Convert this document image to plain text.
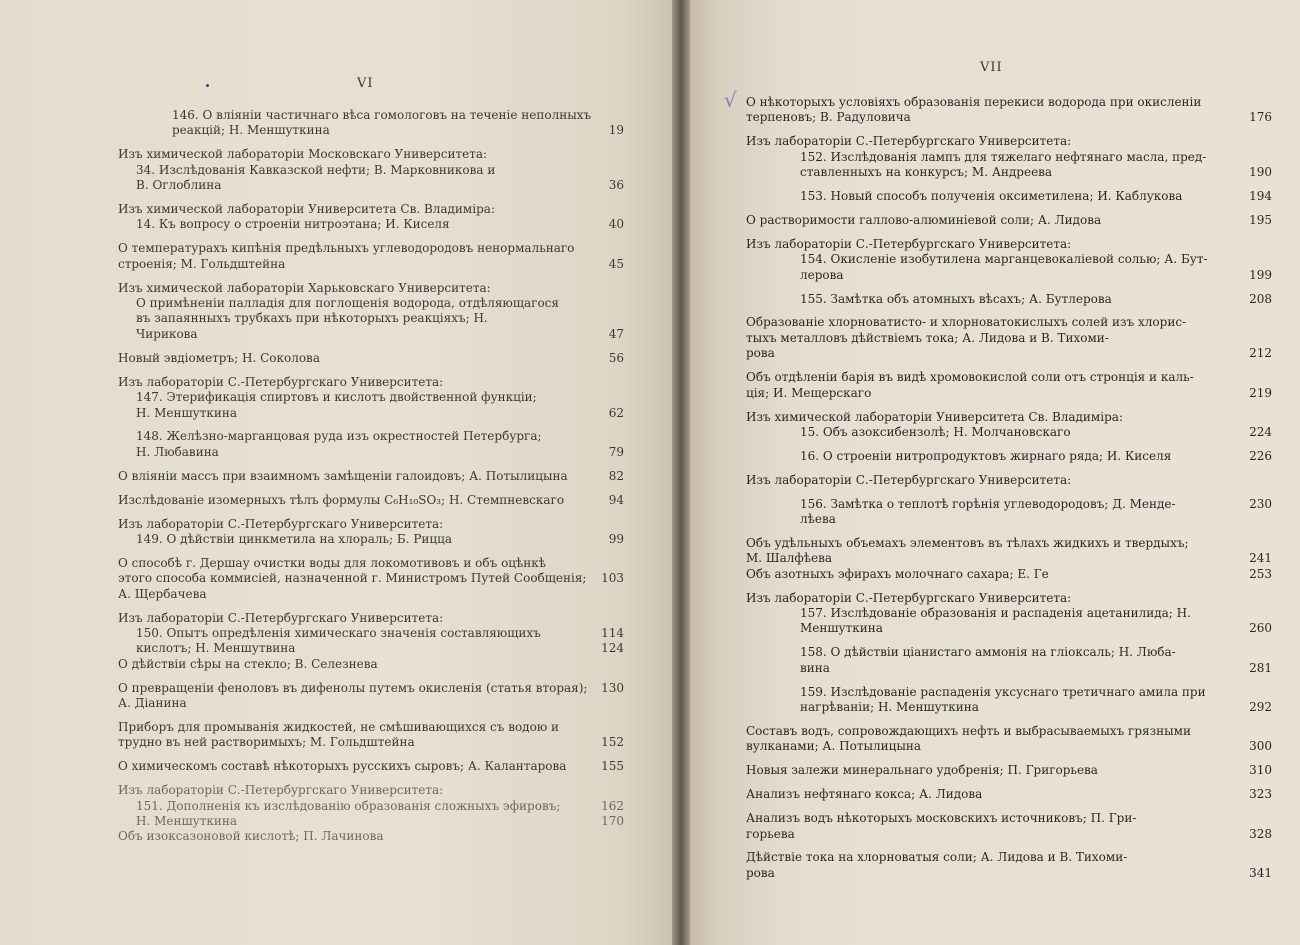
VI
146. О вліяніи частичнаго вѣса гомологовъ на теченіе неполныхъ
реакцій; Н. Меншуткина	19
Изъ химической лабораторіи Московскаго Университета:
34. Изслѣдованія Кавказской нефти; В. Марковникова и
В. Оглоблина	36
Изъ химической лабораторіи Университета Св. Владиміра:
14. Къ вопросу о строеніи нитроэтана; И. Киселя	40
О температурахъ кипѣнія предѣльныхъ углеводородовъ ненормальнаго
строенія; М. Гольдштейна	45
Изъ химической лабораторіи Харьковскаго Университета:
О примѣненіи палладія для поглощенія водорода, отдѣляющагося
въ запаянныхъ трубкахъ при нѣкоторыхъ реакціяхъ; Н.
Чирикова	47
Новый эвдіометръ; Н. Соколова	56
Изъ лабораторіи С.-Петербургскаго Университета:
147. Этерификація спиртовъ и кислотъ двойственной функціи;
Н. Меншуткина	62
148. Желѣзно-марганцовая руда изъ окрестностей Петербурга;
Н. Любавина	79
О вліяніи массъ при взаимномъ замѣщеніи галоидовъ; А. Потылицына	82
Изслѣдованіе изомерныхъ тѣлъ формулы C₆H₁₀SO₃; Н. Стемпневскаго	94
Изъ лабораторіи С.-Петербургскаго Университета:
149. О дѣйствіи цинкметила на хлораль; Б. Рицца	99
О способѣ г. Дершау очистки воды для локомотивовъ и объ оцѣнкѣ
этого способа коммисіей, назначенной г. Министромъ Путей Сообщенія;	103
А. Щербачева
Изъ лабораторіи С.-Петербургскаго Университета:
150. Опытъ опредѣленія химическаго значенія составляющихъ	114
кислотъ; Н. Меншутвина	124
О дѣйствіи сѣры на стекло; В. Селезнева
О превращеніи феноловъ въ дифенолы путемъ окисленія (статья вторая);	130
А. Діанина
Приборъ для промыванія жидкостей, не смѣшивающихся съ водою и
трудно въ ней растворимыхъ; М. Гольдштейна	152
О химическомъ составѣ нѣкоторыхъ русскихъ сыровъ; А. Калантарова	155
Изъ лабораторіи С.-Петербургскаго Университета:
151. Дополненія къ изслѣдованію образованія сложныхъ эфировъ;	162
Н. Меншуткина	170
Объ изоксазоновой кислотѣ; П. Лачинова
√
VII
О нѣкоторыхъ условіяхъ образованія перекиси водорода при окисленіи
терпеновъ; В. Радуловича	176
Изъ лабораторіи С.-Петербургскаго Университета:
152. Изслѣдованія лампъ для тяжелаго нефтянаго масла, пред-
ставленныхъ на конкурсъ; М. Андреева	190
153. Новый способъ полученія оксиметилена; И. Каблукова	194
О растворимости галлово-алюминіевой соли; А. Лидова	195
Изъ лабораторіи С.-Петербургскаго Университета:
154. Окисленіе изобутилена марганцевокаліевой солью; А. Бут-
лерова	199
155. Замѣтка объ атомныхъ вѣсахъ; А. Бутлерова	208
Образованіе хлорноватисто- и хлорноватокислыхъ солей изъ хлорис-
тыхъ металловъ дѣйствіемъ тока; А. Лидова и В. Тихоми-
рова	212
Объ отдѣленіи барія въ видѣ хромовокислой соли отъ стронція и каль-
ція; И. Мещерскаго	219
Изъ химической лабораторіи Университета Св. Владиміра:
15. Объ азоксибензолѣ; Н. Молчановскаго	224
16. О строеніи нитропродуктовъ жирнаго ряда; И. Киселя	226
Изъ лабораторіи С.-Петербургскаго Университета:
156. Замѣтка о теплотѣ горѣнія углеводородовъ; Д. Менде-	230
лѣева
Объ удѣльныхъ объемахъ элементовъ въ тѣлахъ жидкихъ и твердыхъ;
М. Шалфѣева	241
Объ азотныхъ эфирахъ молочнаго сахара; Е. Ге	253
Изъ лабораторіи С.-Петербургскаго Университета:
157. Изслѣдованіе образованія и распаденія ацетанилида; Н.
Меншуткина	260
158. О дѣйствіи ціанистаго аммонія на гліоксаль; Н. Люба-
вина	281
159. Изслѣдованіе распаденія уксуснаго третичнаго амила при
нагрѣваніи; Н. Меншуткина	292
Составъ водъ, сопровождающихъ нефть и выбрасываемыхъ грязными
вулканами; А. Потылицына	300
Новыя залежи минеральнаго удобренія; П. Григорьева	310
Анализъ нефтянаго кокса; А. Лидова	323
Анализъ водъ нѣкоторыхъ московскихъ источниковъ; П. Гри-
горьева	328
Дѣйствіе тока на хлорноватыя соли; А. Лидова и В. Тихоми-
рова	341
